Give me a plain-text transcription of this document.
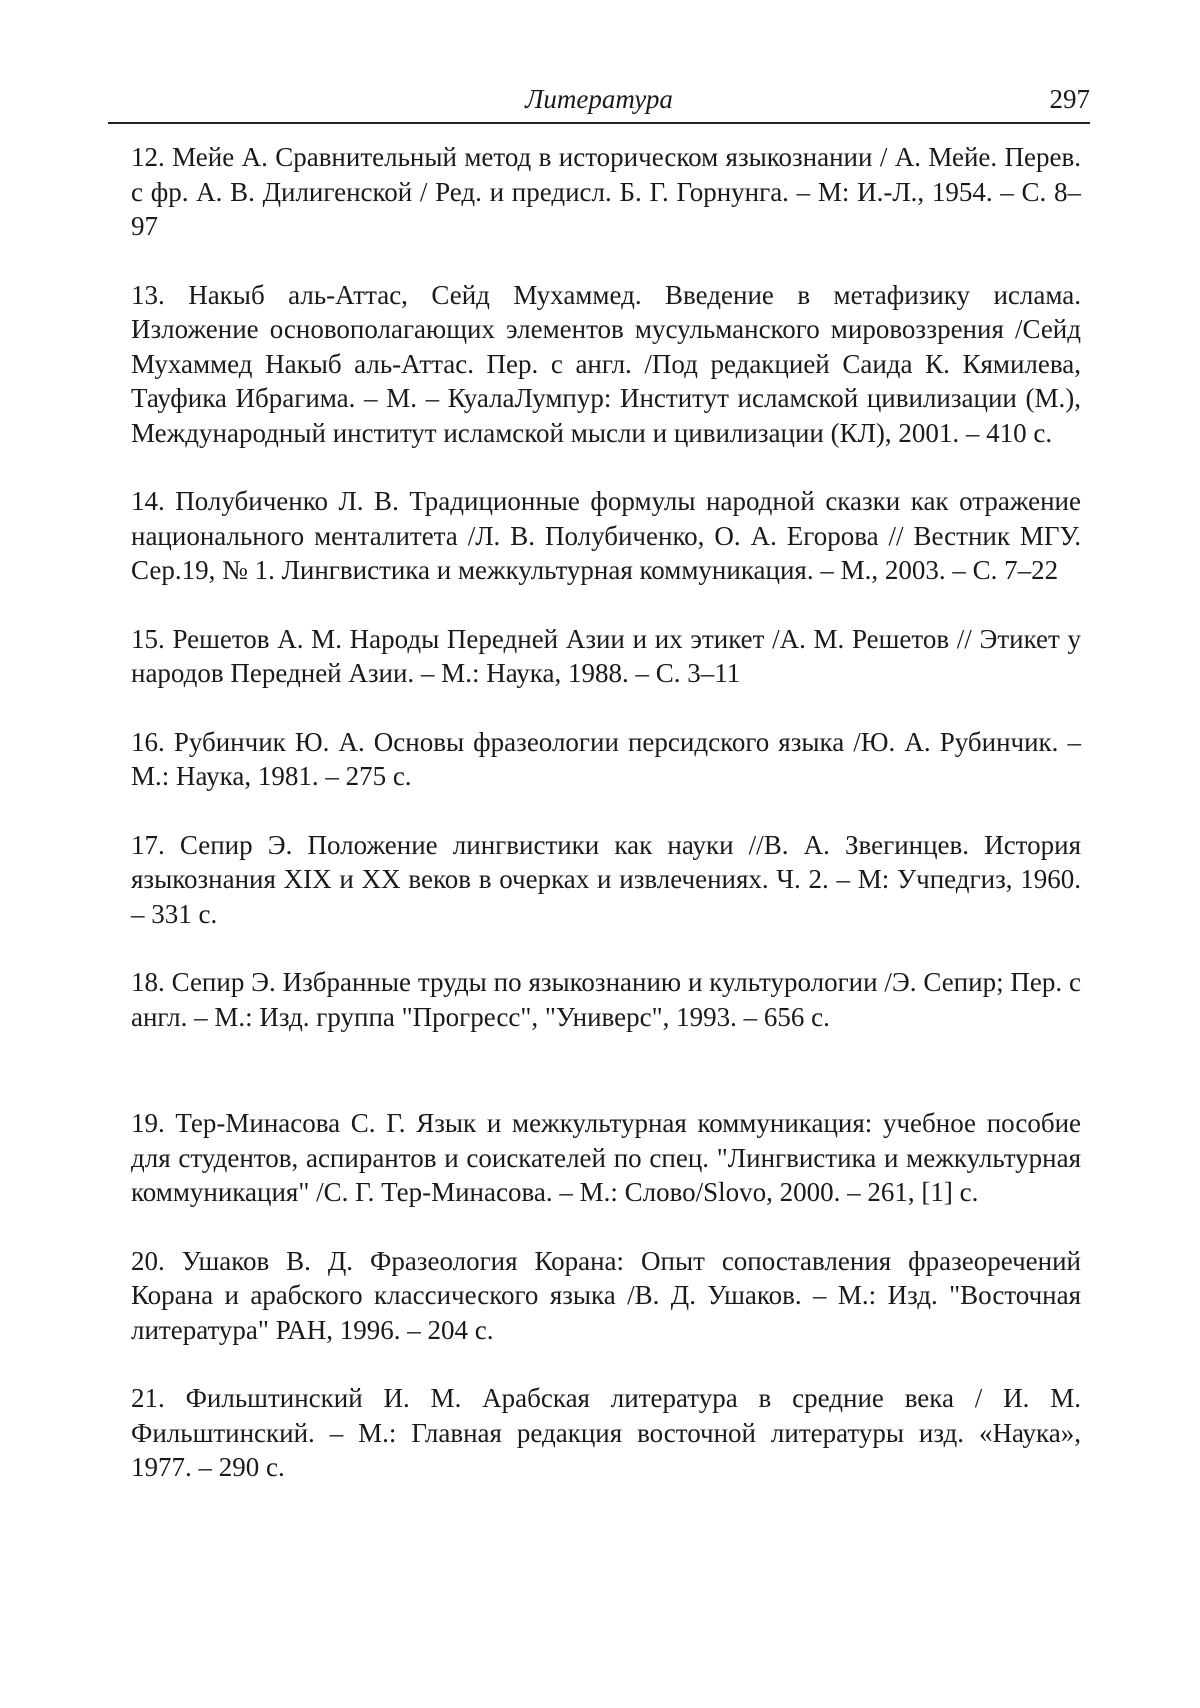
Литература	297

12. Мейе А. Сравнительный метод в историческом языкознании / А. Мейе. Перев. с фр. А. В. Дилигенской / Ред. и предисл. Б. Г. Горнунга. – М: И.-Л., 1954. – С. 8–97

13. Накыб аль-Аттас, Сейд Мухаммед. Введение в метафизику ислама. Изложение основополагающих элементов мусульманского мировоззрения /Сейд Мухаммед Накыб аль-Аттас. Пер. с англ. /Под редакцией Саида К. Кямилева, Тауфика Ибрагима. – М. – КуалаЛумпур: Институт исламской цивилизации (М.), Международный институт исламской мысли и цивилизации (КЛ), 2001. – 410 с.

14. Полубиченко Л. В. Традиционные формулы народной сказки как отражение национального менталитета /Л. В. Полубиченко, О. А. Егорова // Вестник МГУ. Сер.19, № 1. Лингвистика и межкультурная коммуникация. – М., 2003. – С. 7–22

15. Решетов А. М. Народы Передней Азии и их этикет /А. М. Решетов // Этикет у народов Передней Азии. – М.: Наука, 1988. – С. 3–11

16. Рубинчик Ю. А. Основы фразеологии персидского языка /Ю. А. Рубинчик. – М.: Наука, 1981. – 275 с.

17. Сепир Э. Положение лингвистики как науки //В. А. Звегинцев. История языкознания XIX и XX веков в очерках и извлечениях. Ч. 2. – М: Учпедгиз, 1960. – 331 с.

18. Сепир Э. Избранные труды по языкознанию и культурологии /Э. Сепир; Пер. с англ. – М.: Изд. группа "Прогресс", "Универс", 1993. – 656 с.

19. Тер-Минасова С. Г. Язык и межкультурная коммуникация: учебное пособие для студентов, аспирантов и соискателей по спец. "Лингвистика и межкультурная коммуникация" /С. Г. Тер-Минасова. – М.: Слово/Slovo, 2000. – 261, [1] с.

20. Ушаков В. Д. Фразеология Корана: Опыт сопоставления фразеоречений Корана и арабского классического языка /В. Д. Ушаков. – М.: Изд. "Восточная литература" РАН, 1996. – 204 с.

21. Фильштинский И. М. Арабская литература в средние века / И. М. Фильштинский. – М.: Главная редакция восточной литературы изд. «Наука», 1977. – 290 с.
